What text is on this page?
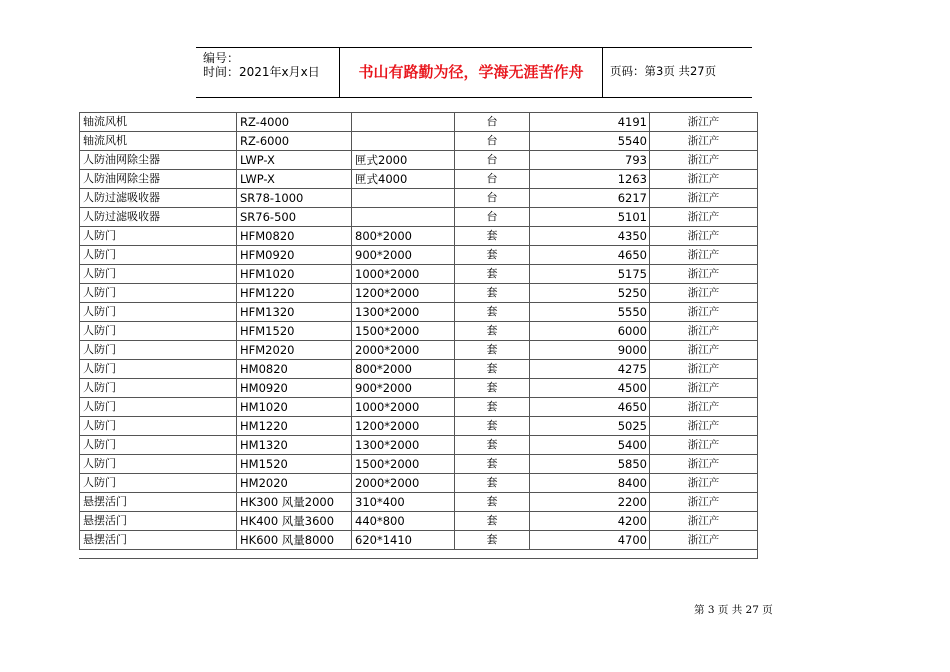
编号：
时间：2021年x月x日	书山有路勤为径，学海无涯苦作舟	页码：第3页 共27页
轴流风机	RZ-4000		台	4191	浙江产
轴流风机	RZ-6000		台	5540	浙江产
人防油网除尘器	LWP-X	匣式2000	台	793	浙江产
人防油网除尘器	LWP-X	匣式4000	台	1263	浙江产
人防过滤吸收器	SR78-1000		台	6217	浙江产
人防过滤吸收器	SR76-500		台	5101	浙江产
人防门	HFM0820	800*2000	套	4350	浙江产
人防门	HFM0920	900*2000	套	4650	浙江产
人防门	HFM1020	1000*2000	套	5175	浙江产
人防门	HFM1220	1200*2000	套	5250	浙江产
人防门	HFM1320	1300*2000	套	5550	浙江产
人防门	HFM1520	1500*2000	套	6000	浙江产
人防门	HFM2020	2000*2000	套	9000	浙江产
人防门	HM0820	800*2000	套	4275	浙江产
人防门	HM0920	900*2000	套	4500	浙江产
人防门	HM1020	1000*2000	套	4650	浙江产
人防门	HM1220	1200*2000	套	5025	浙江产
人防门	HM1320	1300*2000	套	5400	浙江产
人防门	HM1520	1500*2000	套	5850	浙江产
人防门	HM2020	2000*2000	套	8400	浙江产
悬摆活门	HK300 风量2000	310*400	套	2200	浙江产
悬摆活门	HK400 风量3600	440*800	套	4200	浙江产
悬摆活门	HK600 风量8000	620*1410	套	4700	浙江产
第 3 页 共 27 页
